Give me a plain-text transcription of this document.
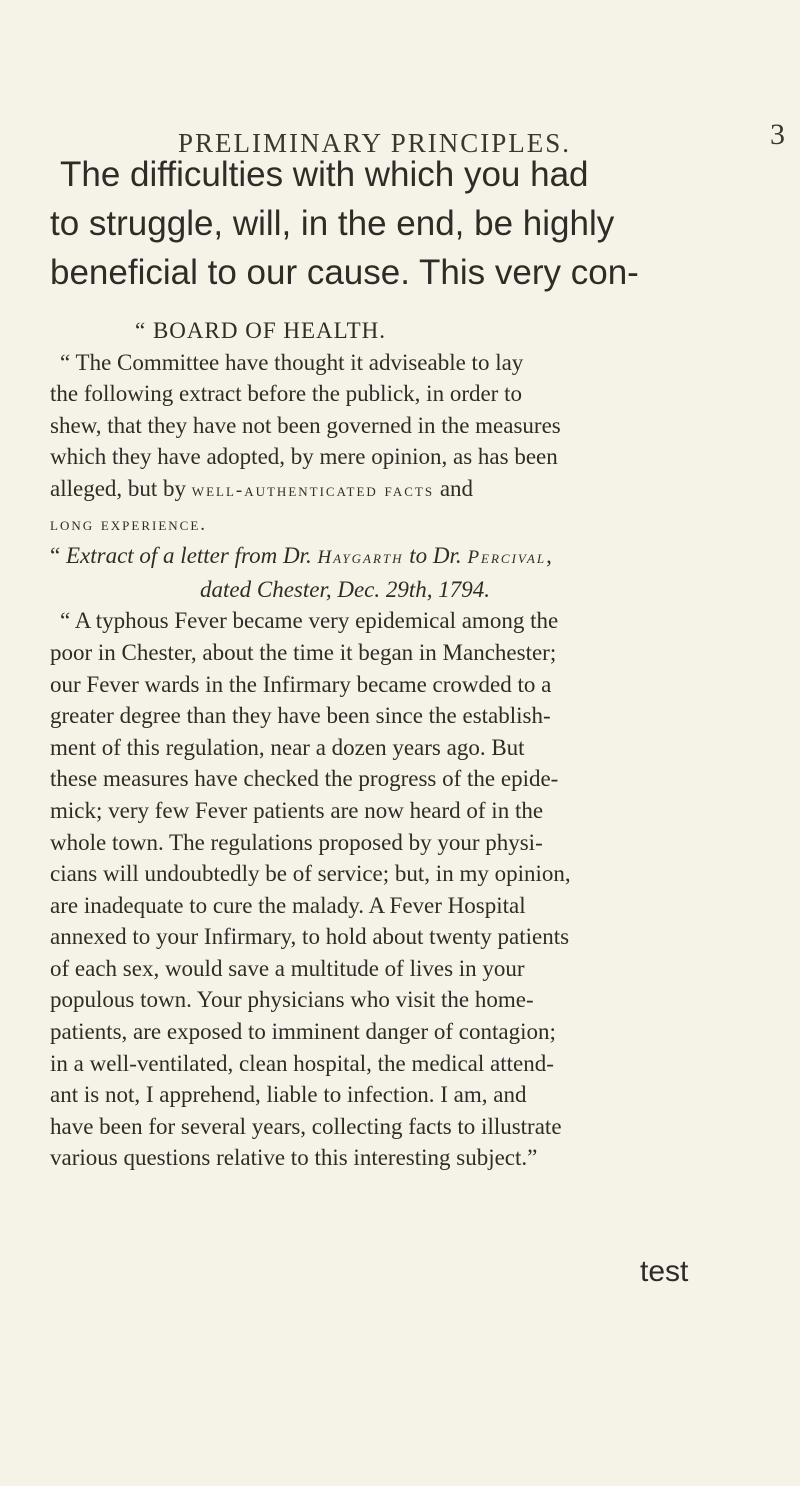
PRELIMINARY PRINCIPLES.	3
The difficulties with which you had
to struggle, will, in the end, be highly
beneficial to our cause. This very con-
“ BOARD OF HEALTH.
“ The Committee have thought it adviseable to lay
the following extract before the publick, in order to
shew, that they have not been governed in the measures
which they have adopted, by mere opinion, as has been
alleged, but by well-authenticated facts and
long experience.
“ Extract of a letter from Dr. Haygarth to Dr. Percival,
dated Chester, Dec. 29th, 1794.
“ A typhous Fever became very epidemical among the
poor in Chester, about the time it began in Manchester;
our Fever wards in the Infirmary became crowded to a
greater degree than they have been since the establish-
ment of this regulation, near a dozen years ago. But
these measures have checked the progress of the epide-
mick; very few Fever patients are now heard of in the
whole town. The regulations proposed by your physi-
cians will undoubtedly be of service; but, in my opinion,
are inadequate to cure the malady. A Fever Hospital
annexed to your Infirmary, to hold about twenty patients
of each sex, would save a multitude of lives in your
populous town. Your physicians who visit the home-
patients, are exposed to imminent danger of contagion;
in a well-ventilated, clean hospital, the medical attend-
ant is not, I apprehend, liable to infection. I am, and
have been for several years, collecting facts to illustrate
various questions relative to this interesting subject.”
test
